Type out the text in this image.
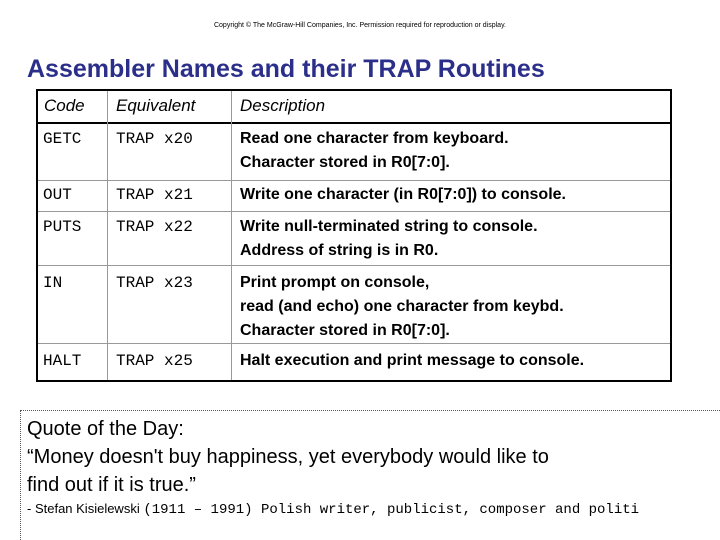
Copyright © The McGraw-Hill Companies, Inc. Permission required for reproduction or display.
Assembler Names and their TRAP Routines
Code Equivalent	Description
GETC TRAP x20	Read one character from keyboard.
Character stored in R0[7:0].
OUT	TRAP x21	Write one character (in R0[7:0]) to console.
PUTS TRAP x22	Write null-terminated string to console.
Address of string is in R0.
IN	TRAP x23	Print prompt on console,
read (and echo) one character from keybd.
Character stored in R0[7:0].
HALT TRAP x25	Halt execution and print message to console.
Quote of the Day:
“Money doesn't buy happiness, yet everybody would like to
find out if it is true.”
- Stefan Kisielewski (1911 – 1991) Polish writer, publicist, composer and politi
